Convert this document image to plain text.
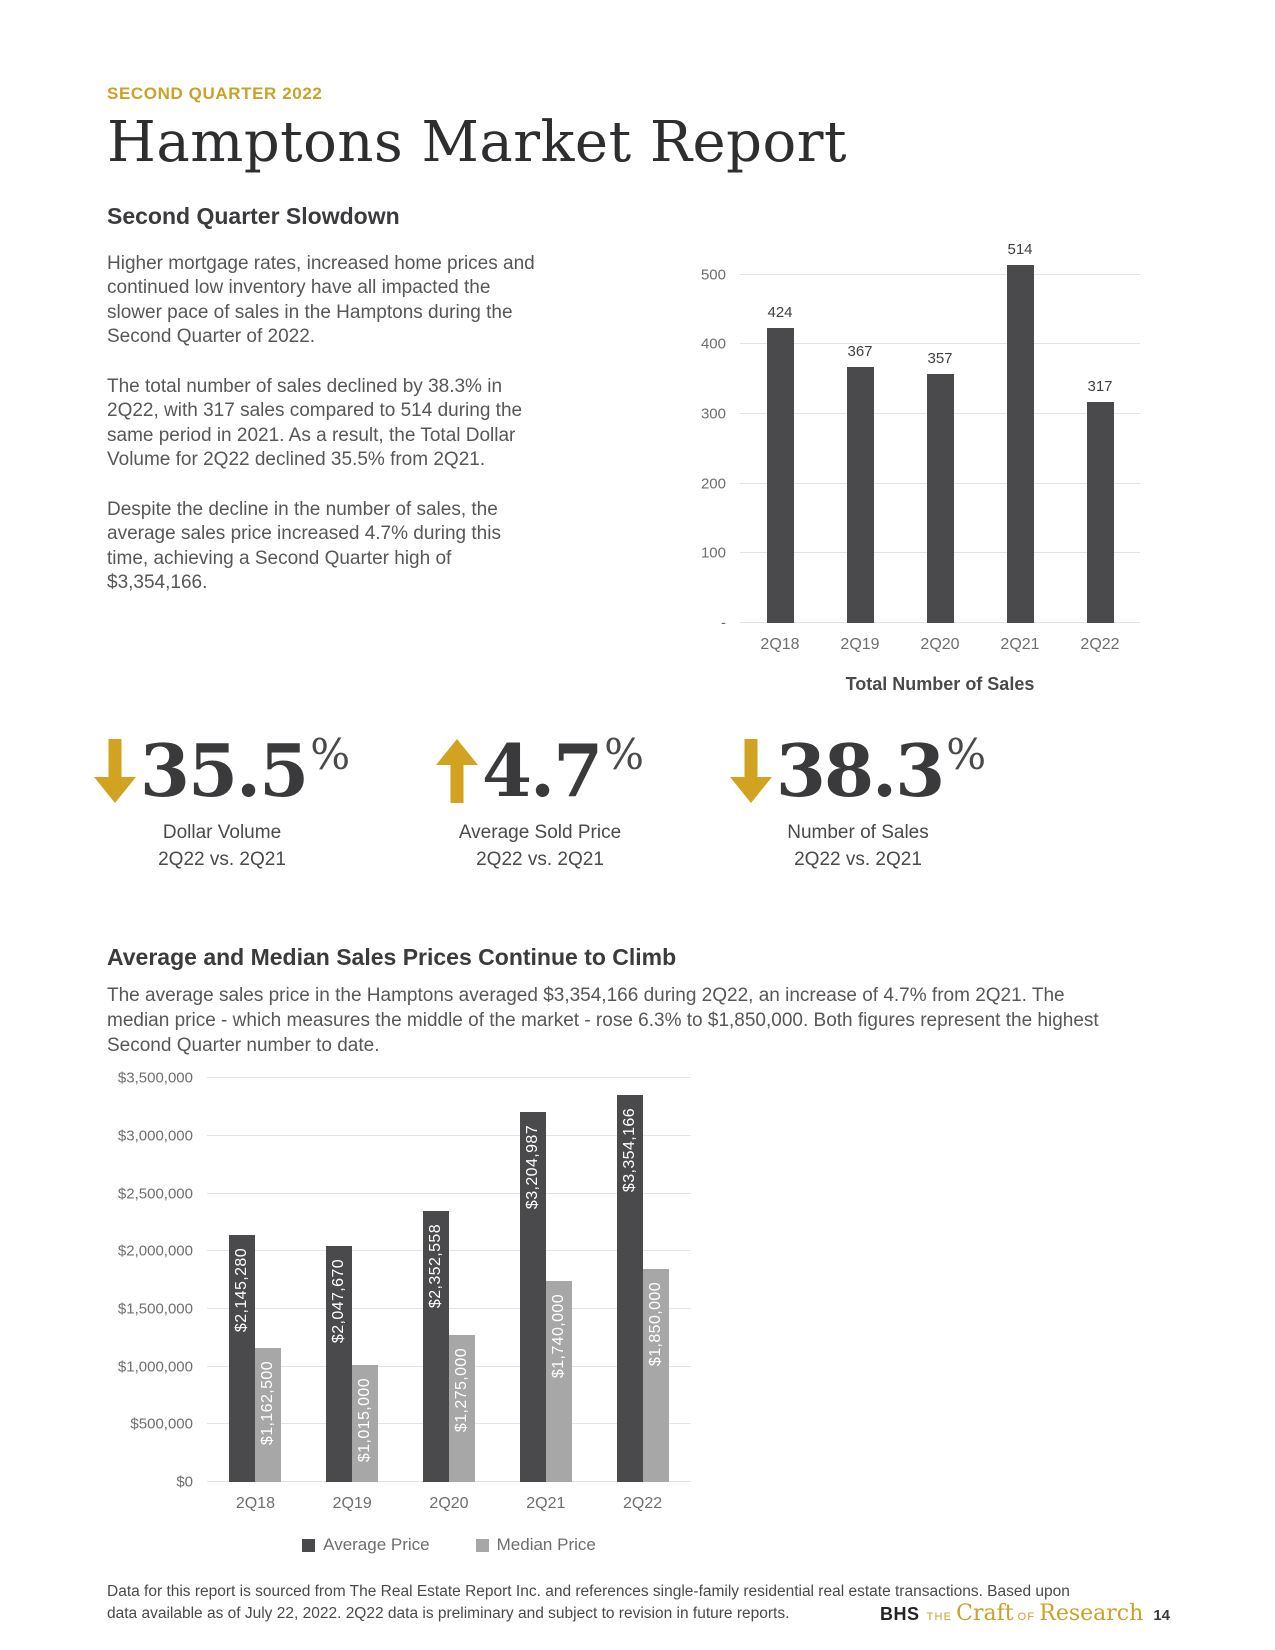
SECOND QUARTER 2022
Hamptons Market Report
Second Quarter Slowdown

Higher mortgage rates, increased home prices and continued low inventory have all impacted the slower pace of sales in the Hamptons during the Second Quarter of 2022.

The total number of sales declined by 38.3% in 2Q22, with 317 sales compared to 514 during the same period in 2021. As a result, the Total Dollar Volume for 2Q22 declined 35.5% from 2Q21.

Despite the decline in the number of sales, the average sales price increased 4.7% during this time, achieving a Second Quarter high of $3,354,166.

500
400
300
200
100
-
424
367	357
514
317
2Q18	2Q19	2Q20	2Q21	2Q22
Total Number of Sales
35.5 %
Dollar Volume
2Q22 vs. 2Q21
4.7 %
Average Sold Price
2Q22 vs. 2Q21
38.3 %
Number of Sales
2Q22 vs. 2Q21
Average and Median Sales Prices Continue to Climb

The average sales price in the Hamptons averaged $3,354,166 during 2Q22, an increase of 4.7% from 2Q21. The median price - which measures the middle of the market - rose 6.3% to $1,850,000. Both figures represent the highest Second Quarter number to date.

$3,500,000
$3,000,000
$2,500,000
$2,000,000
$1,500,000
$1,000,000
$500,000
$0
$2,145,280
$1,162,500
$2,047,670
$1,015,000
$2,352,558
$1,275,000
$3,204,987
$1,740,000
$3,354,166
$1,850,000
2Q18	2Q19	2Q20	2Q21	2Q22
Average Price	Median Price

Data for this report is sourced from The Real Estate Report Inc. and references single-family residential real estate transactions. Based upon data available as of July 22, 2022. 2Q22 data is preliminary and subject to revision in future reports.	BHS THE Craft OF Research 14
